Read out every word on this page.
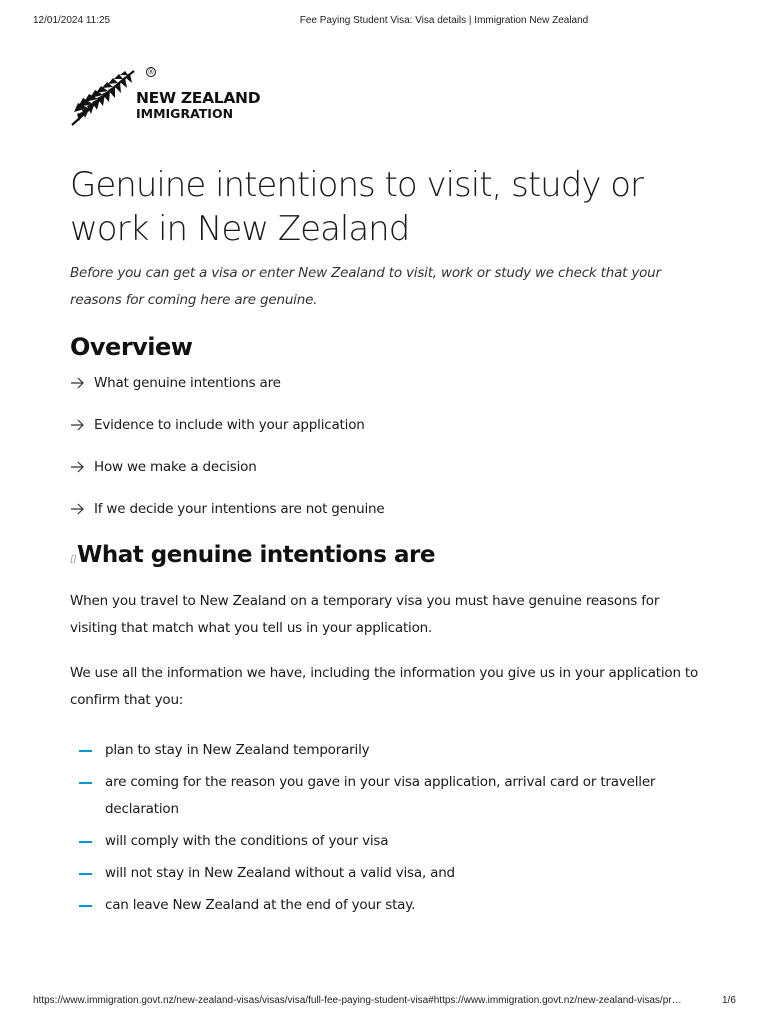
12/01/2024 11:25	Fee Paying Student Visa: Visa details | Immigration New Zealand
®
NEW ZEALAND
IMMIGRATION
Genuine intentions to visit, study or work in New Zealand

Before you can get a visa or enter New Zealand to visit, work or study we check that your reasons for coming here are genuine.

Overview
What genuine intentions are
Evidence to include with your application
How we make a decision
If we decide your intentions are not genuine
[]What genuine intentions are

When you travel to New Zealand on a temporary visa you must have genuine reasons for visiting that match what you tell us in your application.

We use all the information we have, including the information you give us in your application to confirm that you:

plan to stay in New Zealand temporarily
are coming for the reason you gave in your visa application, arrival card or traveller declaration
will comply with the conditions of your visa
will not stay in New Zealand without a valid visa, and
can leave New Zealand at the end of your stay.
https://www.immigration.govt.nz/new-zealand-visas/visas/visa/full-fee-paying-student-visa#https://www.immigration.govt.nz/new-zealand-visas/pr…	1/6
